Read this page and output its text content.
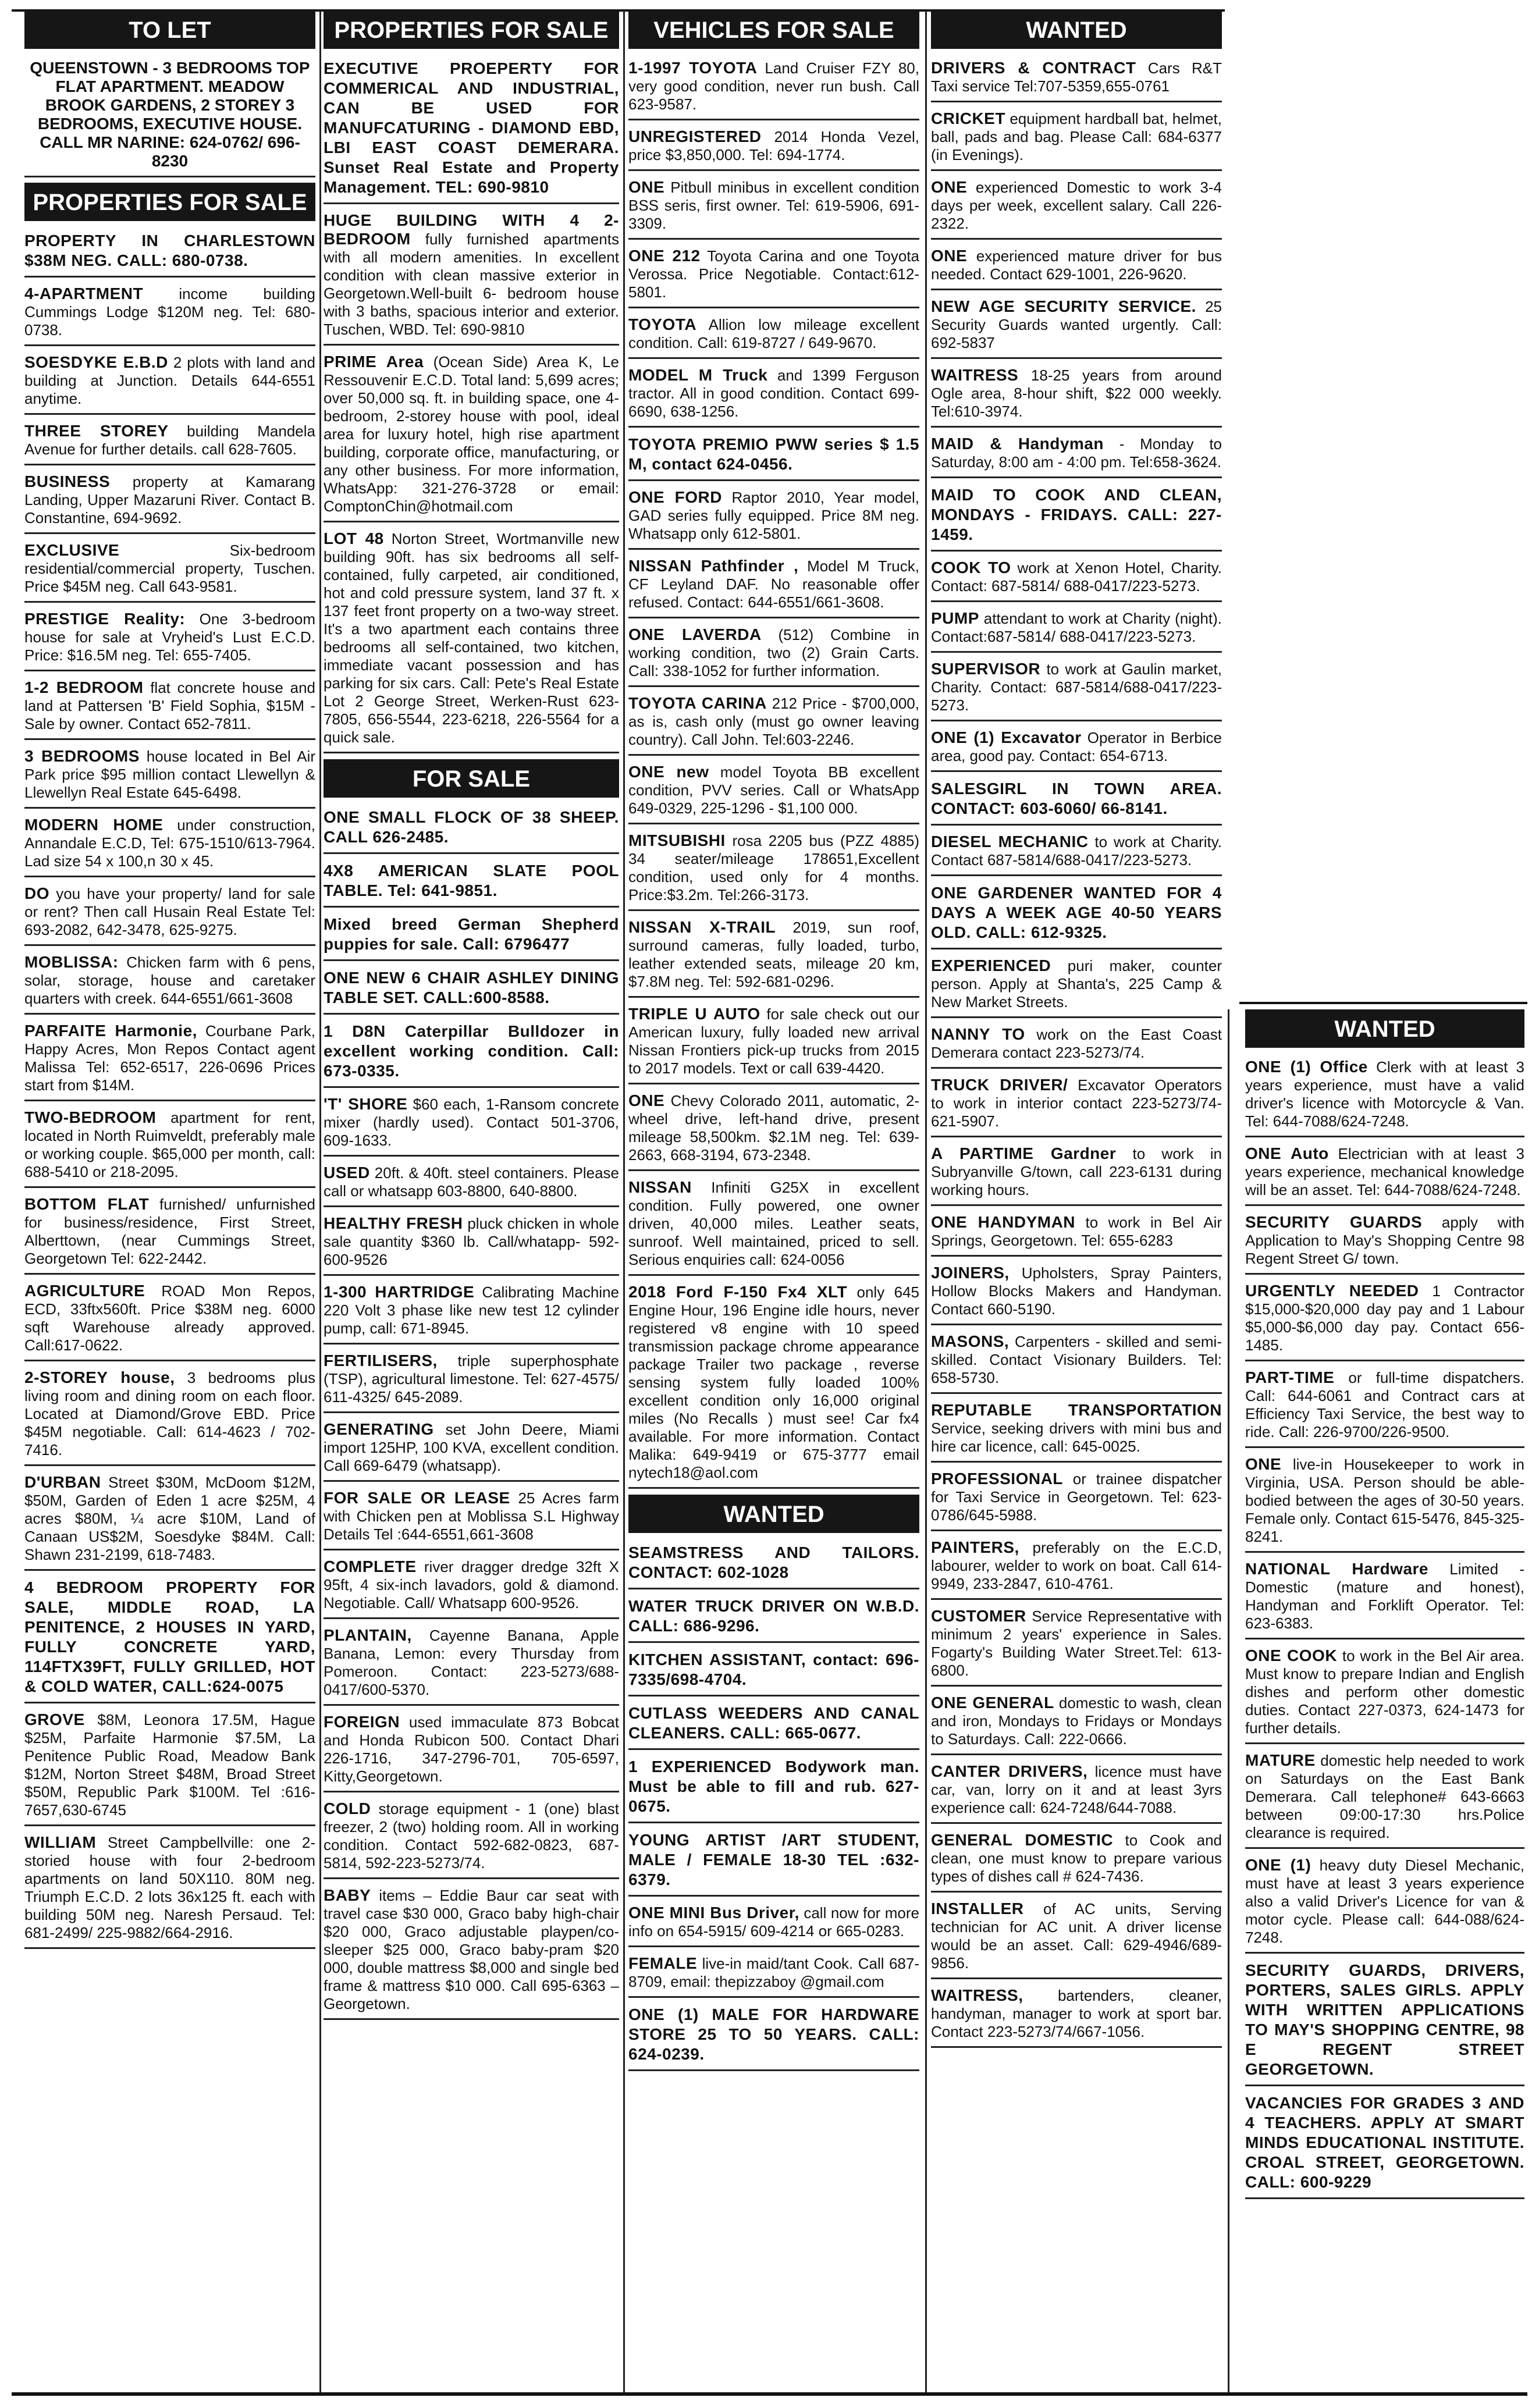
TO LET
QUEENSTOWN - 3 BEDROOMS TOP FLAT APARTMENT. MEADOW BROOK GARDENS, 2 STOREY 3 BEDROOMS, EXECUTIVE HOUSE. CALL MR NARINE: 624-0762/ 696-8230
PROPERTIES FOR SALE
PROPERTY IN CHARLESTOWN $38M NEG. CALL: 680-0738.
4-APARTMENT income building Cummings Lodge $120M neg. Tel: 680-0738.
SOESDYKE E.B.D 2 plots with land and building at Junction. Details 644-6551 anytime.
THREE STOREY building Mandela Avenue for further details. call 628-7605.
BUSINESS property at Kamarang Landing, Upper Mazaruni River. Contact B. Constantine, 694-9692.
EXCLUSIVE Six-bedroom residential/commercial property, Tuschen. Price $45M neg. Call 643-9581.
PRESTIGE Reality: One 3-bedroom house for sale at Vryheid's Lust E.C.D. Price: $16.5M neg. Tel: 655-7405.
1-2 BEDROOM flat concrete house and land at Pattersen 'B' Field Sophia, $15M - Sale by owner. Contact 652-7811.
3 BEDROOMS house located in Bel Air Park price $95 million contact Llewellyn & Llewellyn Real Estate 645-6498.
MODERN HOME under construction, Annandale E.C.D, Tel: 675-1510/613-7964. Lad size 54 x 100,n 30 x 45.
DO you have your property/ land for sale or rent? Then call Husain Real Estate Tel: 693-2082, 642-3478, 625-9275.
MOBLISSA: Chicken farm with 6 pens, solar, storage, house and caretaker quarters with creek. 644-6551/661-3608
PARFAITE Harmonie, Courbane Park, Happy Acres, Mon Repos Contact agent Malissa Tel: 652-6517, 226-0696 Prices start from $14M.
TWO-BEDROOM apartment for rent, located in North Ruimveldt, preferably male or working couple. $65,000 per month, call: 688-5410 or 218-2095.
BOTTOM FLAT furnished/ unfurnished for business/residence, First Street, Alberttown, (near Cummings Street, Georgetown Tel: 622-2442.
AGRICULTURE ROAD Mon Repos, ECD, 33ftx560ft. Price $38M neg. 6000 sqft Warehouse already approved. Call:617-0622.
2-STOREY house, 3 bedrooms plus living room and dining room on each floor. Located at Diamond/Grove EBD. Price $45M negotiable. Call: 614-4623 / 702-7416.
D'URBAN Street $30M, McDoom $12M, $50M, Garden of Eden 1 acre $25M, 4 acres $80M, ¼ acre $10M, Land of Canaan US$2M, Soesdyke $84M. Call: Shawn 231-2199, 618-7483.
4 BEDROOM PROPERTY FOR SALE, MIDDLE ROAD, LA PENITENCE, 2 HOUSES IN YARD, FULLY CONCRETE YARD, 114FTX39FT, FULLY GRILLED, HOT & COLD WATER, CALL:624-0075
GROVE $8M, Leonora 17.5M, Hague $25M, Parfaite Harmonie $7.5M, La Penitence Public Road, Meadow Bank $12M, Norton Street $48M, Broad Street $50M, Republic Park $100M. Tel :616-7657,630-6745
WILLIAM Street Campbellville: one 2-storied house with four 2-bedroom apartments on land 50X110. 80M neg. Triumph E.C.D. 2 lots 36x125 ft. each with building 50M neg. Naresh Persaud. Tel: 681-2499/ 225-9882/664-2916.
PROPERTIES FOR SALE
EXECUTIVE PROEPERTY FOR COMMERICAL AND INDUSTRIAL, CAN BE USED FOR MANUFCATURING - DIAMOND EBD, LBI EAST COAST DEMERARA. Sunset Real Estate and Property Management. TEL: 690-9810
HUGE BUILDING WITH 4 2- BEDROOM fully furnished apartments with all modern amenities. In excellent condition with clean massive exterior in Georgetown.Well-built 6- bedroom house with 3 baths, spacious interior and exterior. Tuschen, WBD. Tel: 690-9810
PRIME Area (Ocean Side) Area K, Le Ressouvenir E.C.D. Total land: 5,699 acres; over 50,000 sq. ft. in building space, one 4-bedroom, 2-storey house with pool, ideal area for luxury hotel, high rise apartment building, corporate office, manufacturing, or any other business. For more information, WhatsApp: 321-276-3728 or email: ComptonChin@hotmail.com
LOT 48 Norton Street, Wortmanville new building 90ft. has six bedrooms all self-contained, fully carpeted, air conditioned, hot and cold pressure system, land 37 ft. x 137 feet front property on a two-way street. It's a two apartment each contains three bedrooms all self-contained, two kitchen, immediate vacant possession and has parking for six cars. Call: Pete's Real Estate Lot 2 George Street, Werken-Rust 623-7805, 656-5544, 223-6218, 226-5564 for a quick sale.
FOR SALE
ONE SMALL FLOCK OF 38 SHEEP. CALL 626-2485.
4X8 AMERICAN SLATE POOL TABLE. Tel: 641-9851.
Mixed breed German Shepherd puppies for sale. Call: 6796477
ONE NEW 6 CHAIR ASHLEY DINING TABLE SET. CALL:600-8588.
1 D8N Caterpillar Bulldozer in excellent working condition. Call: 673-0335.
'T' SHORE $60 each, 1-Ransom concrete mixer (hardly used). Contact 501-3706, 609-1633.
USED 20ft. & 40ft. steel containers. Please call or whatsapp 603-8800, 640-8800.
HEALTHY FRESH pluck chicken in whole sale quantity $360 lb. Call/whatapp- 592-600-9526
1-300 HARTRIDGE Calibrating Machine 220 Volt 3 phase like new test 12 cylinder pump, call: 671-8945.
FERTILISERS, triple superphosphate (TSP), agricultural limestone. Tel: 627-4575/ 611-4325/ 645-2089.
GENERATING set John Deere, Miami import 125HP, 100 KVA, excellent condition. Call 669-6479 (whatsapp).
FOR SALE OR LEASE 25 Acres farm with Chicken pen at Moblissa S.L Highway Details Tel :644-6551,661-3608
COMPLETE river dragger dredge 32ft X 95ft, 4 six-inch lavadors, gold & diamond. Negotiable. Call/ Whatsapp 600-9526.
PLANTAIN, Cayenne Banana, Apple Banana, Lemon: every Thursday from Pomeroon. Contact: 223-5273/688-0417/600-5370.
FOREIGN used immaculate 873 Bobcat and Honda Rubicon 500. Contact Dhari 226-1716, 347-2796-701, 705-6597, Kitty,Georgetown.
COLD storage equipment - 1 (one) blast freezer, 2 (two) holding room. All in working condition. Contact 592-682-0823, 687-5814, 592-223-5273/74.
BABY items – Eddie Baur car seat with travel case $30 000, Graco baby high-chair $20 000, Graco adjustable playpen/co-sleeper $25 000, Graco baby-pram $20 000, double mattress $8,000 and single bed frame & mattress $10 000. Call 695-6363 – Georgetown.
VEHICLES FOR SALE
1-1997 TOYOTA Land Cruiser FZY 80, very good condition, never run bush. Call 623-9587.
UNREGISTERED 2014 Honda Vezel, price $3,850,000. Tel: 694-1774.
ONE Pitbull minibus in excellent condition BSS seris, first owner. Tel: 619-5906, 691-3309.
ONE 212 Toyota Carina and one Toyota Verossa. Price Negotiable. Contact:612-5801.
TOYOTA Allion low mileage excellent condition. Call: 619-8727 / 649-9670.
MODEL M Truck and 1399 Ferguson tractor. All in good condition. Contact 699-6690, 638-1256.
TOYOTA PREMIO PWW series $ 1.5 M, contact 624-0456.
ONE FORD Raptor 2010, Year model, GAD series fully equipped. Price 8M neg. Whatsapp only 612-5801.
NISSAN Pathfinder , Model M Truck, CF Leyland DAF. No reasonable offer refused. Contact: 644-6551/661-3608.
ONE LAVERDA (512) Combine in working condition, two (2) Grain Carts. Call: 338-1052 for further information.
TOYOTA CARINA 212 Price - $700,000, as is, cash only (must go owner leaving country). Call John. Tel:603-2246.
ONE new model Toyota BB excellent condition, PVV series. Call or WhatsApp 649-0329, 225-1296 - $1,100 000.
MITSUBISHI rosa 2205 bus (PZZ 4885) 34 seater/mileage 178651,Excellent condition, used only for 4 months. Price:$3.2m. Tel:266-3173.
NISSAN X-TRAIL 2019, sun roof, surround cameras, fully loaded, turbo, leather extended seats, mileage 20 km, $7.8M neg. Tel: 592-681-0296.
TRIPLE U AUTO for sale check out our American luxury, fully loaded new arrival Nissan Frontiers pick-up trucks from 2015 to 2017 models. Text or call 639-4420.
ONE Chevy Colorado 2011, automatic, 2-wheel drive, left-hand drive, present mileage 58,500km. $2.1M neg. Tel: 639-2663, 668-3194, 673-2348.
NISSAN Infiniti G25X in excellent condition. Fully powered, one owner driven, 40,000 miles. Leather seats, sunroof. Well maintained, priced to sell. Serious enquiries call: 624-0056
2018 Ford F-150 Fx4 XLT only 645 Engine Hour, 196 Engine idle hours, never registered v8 engine with 10 speed transmission package chrome appearance package Trailer two package , reverse sensing system fully loaded 100% excellent condition only 16,000 original miles (No Recalls ) must see! Car fx4 available. For more information. Contact Malika: 649-9419 or 675-3777 email nytech18@aol.com
WANTED
SEAMSTRESS AND TAILORS. CONTACT: 602-1028
WATER TRUCK DRIVER ON W.B.D. CALL: 686-9296.
KITCHEN ASSISTANT, contact: 696-7335/698-4704.
CUTLASS WEEDERS AND CANAL CLEANERS. CALL: 665-0677.
1 EXPERIENCED Bodywork man. Must be able to fill and rub. 627-0675.
YOUNG ARTIST /ART STUDENT, MALE / FEMALE 18-30 TEL :632-6379.
ONE MINI Bus Driver, call now for more info on 654-5915/ 609-4214 or 665-0283.
FEMALE live-in maid/tant Cook. Call 687-8709, email: thepizzaboy @gmail.com
ONE (1) MALE FOR HARDWARE STORE 25 TO 50 YEARS. CALL: 624-0239.
WANTED
DRIVERS & CONTRACT Cars R&T Taxi service Tel:707-5359,655-0761
CRICKET equipment hardball bat, helmet, ball, pads and bag. Please Call: 684-6377 (in Evenings).
ONE experienced Domestic to work 3-4 days per week, excellent salary. Call 226-2322.
ONE experienced mature driver for bus needed. Contact 629-1001, 226-9620.
NEW AGE SECURITY SERVICE. 25 Security Guards wanted urgently. Call: 692-5837
WAITRESS 18-25 years from around Ogle area, 8-hour shift, $22 000 weekly. Tel:610-3974.
MAID & Handyman - Monday to Saturday, 8:00 am - 4:00 pm. Tel:658-3624.
MAID TO COOK AND CLEAN, MONDAYS - FRIDAYS. CALL: 227-1459.
COOK TO work at Xenon Hotel, Charity. Contact: 687-5814/ 688-0417/223-5273.
PUMP attendant to work at Charity (night). Contact:687-5814/ 688-0417/223-5273.
SUPERVISOR to work at Gaulin market, Charity. Contact: 687-5814/688-0417/223-5273.
ONE (1) Excavator Operator in Berbice area, good pay. Contact: 654-6713.
SALESGIRL IN TOWN AREA. CONTACT: 603-6060/ 66-8141.
DIESEL MECHANIC to work at Charity. Contact 687-5814/688-0417/223-5273.
ONE GARDENER WANTED FOR 4 DAYS A WEEK AGE 40-50 YEARS OLD. CALL: 612-9325.
EXPERIENCED puri maker, counter person. Apply at Shanta's, 225 Camp & New Market Streets.
NANNY TO work on the East Coast Demerara contact 223-5273/74.
TRUCK DRIVER/ Excavator Operators to work in interior contact 223-5273/74-621-5907.
A PARTIME Gardner to work in Subryanville G/town, call 223-6131 during working hours.
ONE HANDYMAN to work in Bel Air Springs, Georgetown. Tel: 655-6283
JOINERS, Upholsters, Spray Painters, Hollow Blocks Makers and Handyman. Contact 660-5190.
MASONS, Carpenters - skilled and semi-skilled. Contact Visionary Builders. Tel: 658-5730.
REPUTABLE TRANSPORTATION Service, seeking drivers with mini bus and hire car licence, call: 645-0025.
PROFESSIONAL or trainee dispatcher for Taxi Service in Georgetown. Tel: 623-0786/645-5988.
PAINTERS, preferably on the E.C.D, labourer, welder to work on boat. Call 614-9949, 233-2847, 610-4761.
CUSTOMER Service Representative with minimum 2 years' experience in Sales. Fogarty's Building Water Street.Tel: 613-6800.
ONE GENERAL domestic to wash, clean and iron, Mondays to Fridays or Mondays to Saturdays. Call: 222-0666.
CANTER DRIVERS, licence must have car, van, lorry on it and at least 3yrs experience call: 624-7248/644-7088.
GENERAL DOMESTIC to Cook and clean, one must know to prepare various types of dishes call # 624-7436.
INSTALLER of AC units, Serving technician for AC unit. A driver license would be an asset. Call: 629-4946/689-9856.
WAITRESS, bartenders, cleaner, handyman, manager to work at sport bar. Contact 223-5273/74/667-1056.
WANTED
ONE (1) Office Clerk with at least 3 years experience, must have a valid driver's licence with Motorcycle & Van. Tel: 644-7088/624-7248.
ONE Auto Electrician with at least 3 years experience, mechanical knowledge will be an asset. Tel: 644-7088/624-7248.
SECURITY GUARDS apply with Application to May's Shopping Centre 98 Regent Street G/ town.
URGENTLY NEEDED 1 Contractor $15,000-$20,000 day pay and 1 Labour $5,000-$6,000 day pay. Contact 656-1485.
PART-TIME or full-time dispatchers. Call: 644-6061 and Contract cars at Efficiency Taxi Service, the best way to ride. Call: 226-9700/226-9500.
ONE live-in Housekeeper to work in Virginia, USA. Person should be able-bodied between the ages of 30-50 years. Female only. Contact 615-5476, 845-325-8241.
NATIONAL Hardware Limited - Domestic (mature and honest), Handyman and Forklift Operator. Tel: 623-6383.
ONE COOK to work in the Bel Air area. Must know to prepare Indian and English dishes and perform other domestic duties. Contact 227-0373, 624-1473 for further details.
MATURE domestic help needed to work on Saturdays on the East Bank Demerara. Call telephone# 643-6663 between 09:00-17:30 hrs.Police clearance is required.
ONE (1) heavy duty Diesel Mechanic, must have at least 3 years experience also a valid Driver's Licence for van & motor cycle. Please call: 644-088/624-7248.
SECURITY GUARDS, DRIVERS, PORTERS, SALES GIRLS. APPLY WITH WRITTEN APPLICATIONS TO MAY'S SHOPPING CENTRE, 98 E REGENT STREET GEORGETOWN.
VACANCIES FOR GRADES 3 AND 4 TEACHERS. APPLY AT SMART MINDS EDUCATIONAL INSTITUTE. CROAL STREET, GEORGETOWN. CALL: 600-9229
